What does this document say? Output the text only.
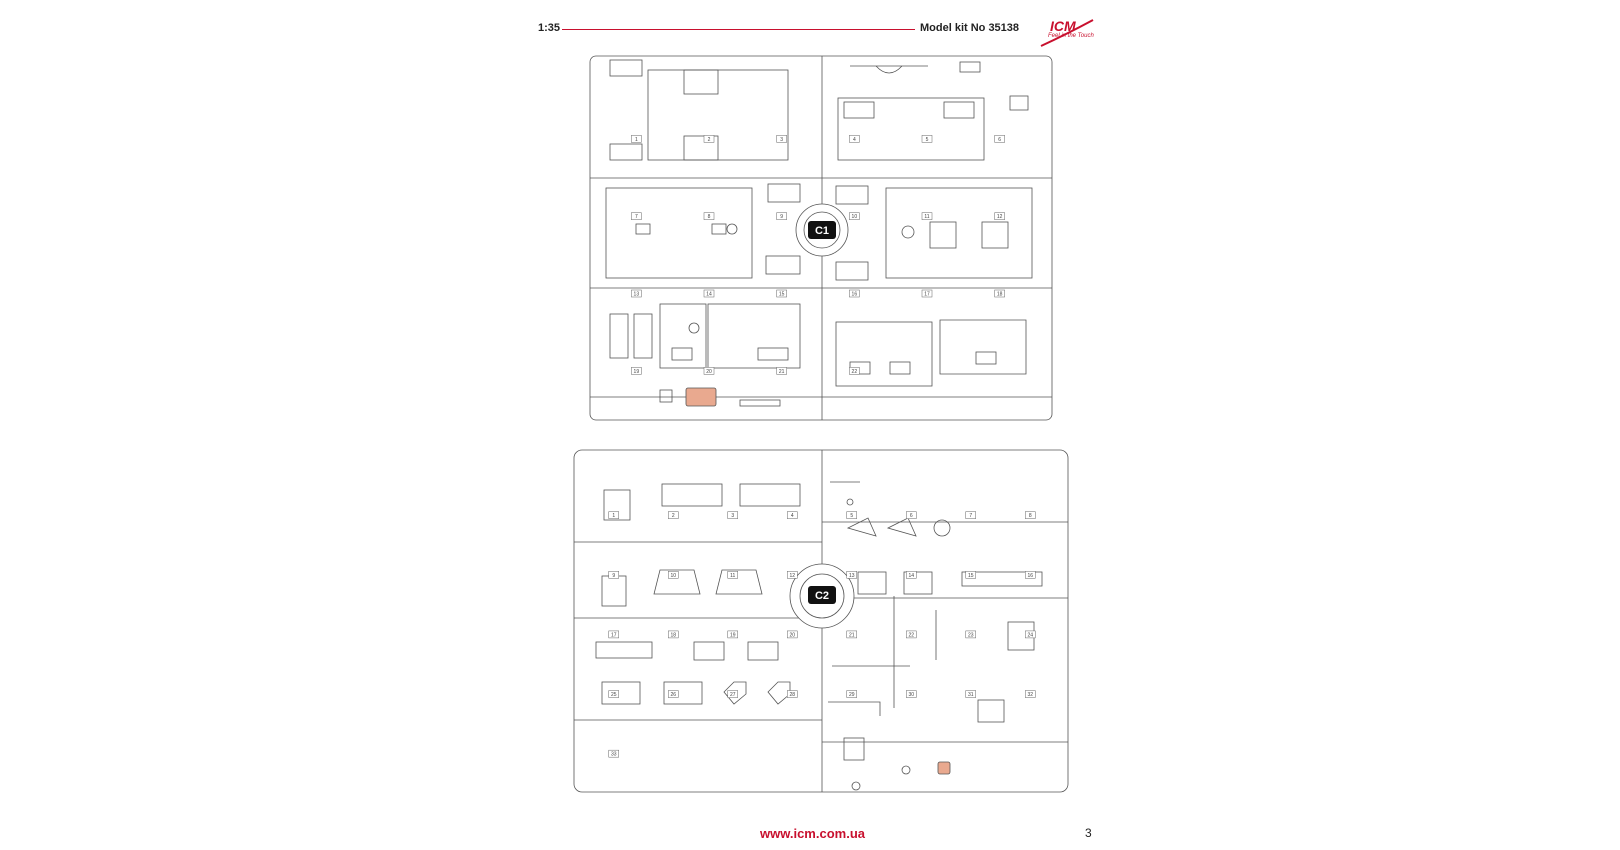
1:35	Model kit No 35138 ICM
Feel in the Touch
C1
1	2	3	4	5	6
7	8	9	10	11	12
13	14	15	16	17	18
19	20	21	22
C2
1	2	3	4	5	6	7	8
9	10	11	12	13	14	15	16
17	18	19	20	21	22	23	24
25	26	27	28	29	30	31	32
33
www.icm.com.ua	3
